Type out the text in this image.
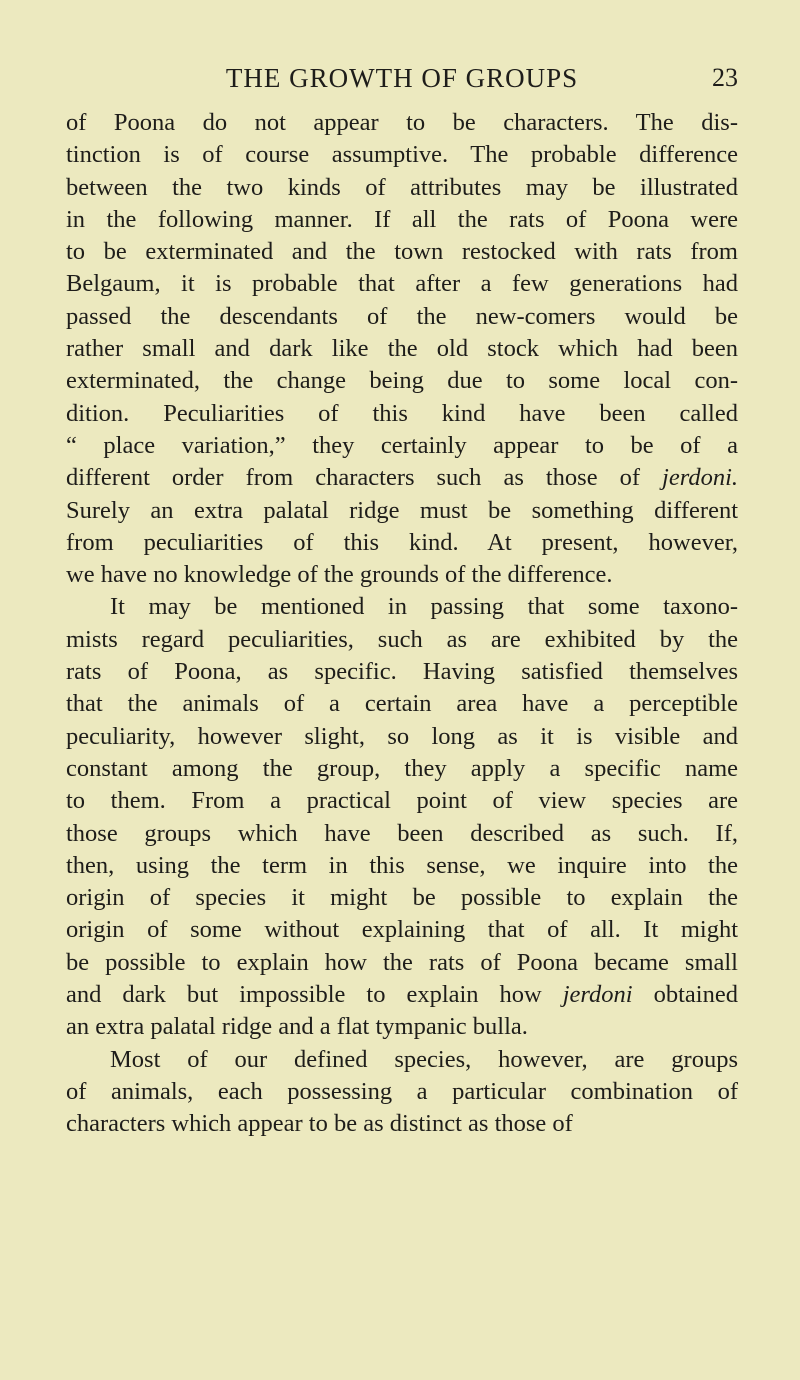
THE GROWTH OF GROUPS	23
of Poona do not appear to be characters. The dis- tinction is of course assumptive. The probable difference between the two kinds of attributes may be illustrated in the following manner. If all the rats of Poona were to be exterminated and the town restocked with rats from Belgaum, it is probable that after a few generations had passed the descendants of the new-comers would be rather small and dark like the old stock which had been exterminated, the change being due to some local con- dition. Peculiarities of this kind have been called “ place variation,” they certainly appear to be of a different order from characters such as those of jerdoni. Surely an extra palatal ridge must be something different from peculiarities of this kind. At present, however, we have no knowledge of the grounds of the difference.
It may be mentioned in passing that some taxono- mists regard peculiarities, such as are exhibited by the rats of Poona, as specific. Having satisfied themselves that the animals of a certain area have a perceptible peculiarity, however slight, so long as it is visible and constant among the group, they apply a specific name to them. From a practical point of view species are those groups which have been described as such. If, then, using the term in this sense, we inquire into the origin of species it might be possible to explain the origin of some without explaining that of all. It might be possible to explain how the rats of Poona became small and dark but impossible to explain how jerdoni obtained an extra palatal ridge and a flat tympanic bulla.
Most of our defined species, however, are groups of animals, each possessing a particular combination of characters which appear to be as distinct as those of
